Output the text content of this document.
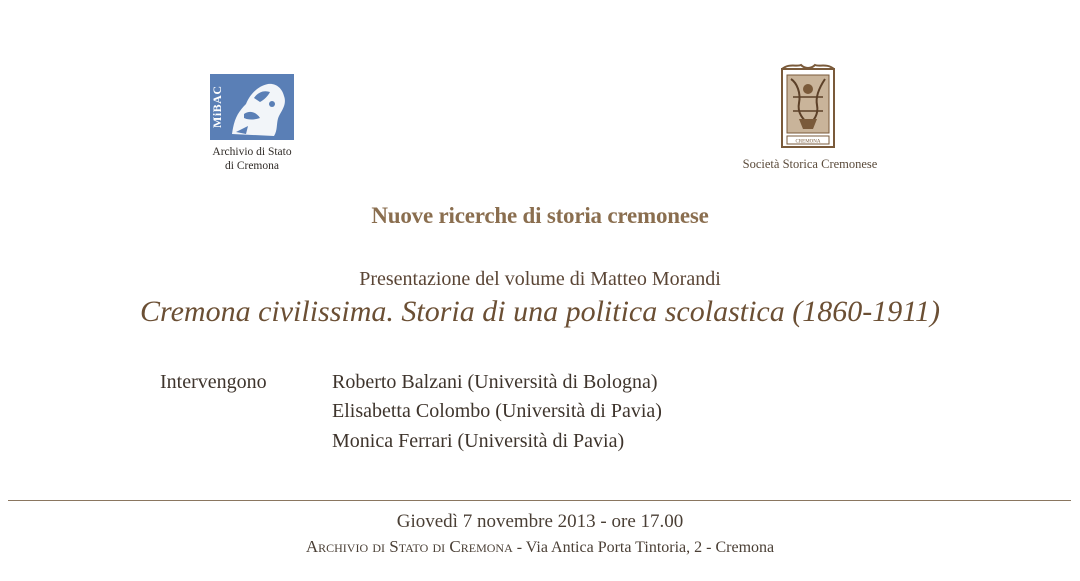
MiBAC
Archivio di Stato
di Cremona
CREMONA
Società Storica Cremonese
Nuove ricerche di storia cremonese
Presentazione del volume di Matteo Morandi
Cremona civilissima. Storia di una politica scolastica (1860-1911)
Intervengono	Roberto Balzani (Università di Bologna)
Elisabetta Colombo (Università di Pavia)
Monica Ferrari (Università di Pavia)
Giovedì 7 novembre 2013 - ore 17.00
Archivio di Stato di Cremona - Via Antica Porta Tintoria, 2 - Cremona
